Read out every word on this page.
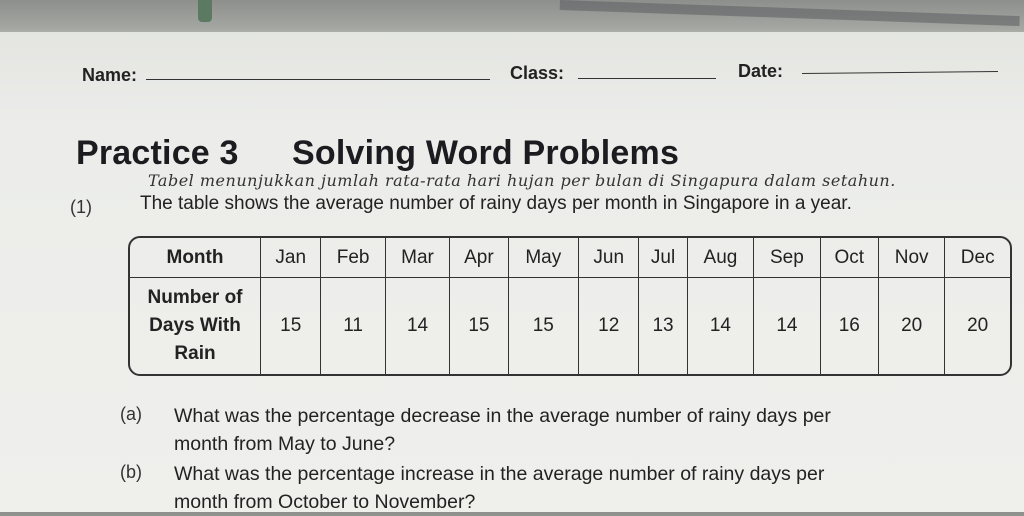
Name:	Class:	Date:
Practice 3 Solving Word Problems
Tabel menunjukkan jumlah rata-rata hari hujan per bulan di Singapura dalam setahun.
(1)	The table shows the average number of rainy days per month in Singapore in a year.
Month	Jan	Feb	Mar	Apr	May	Jun	Jul	Aug	Sep	Oct	Nov	Dec

Number of
Days With
Rain	15	11	14	15	15	12	13	14	14	16	20	20
(a) What was the percentage decrease in the average number of rainy days per
month from May to June?
(b) What was the percentage increase in the average number of rainy days per
month from October to November?
